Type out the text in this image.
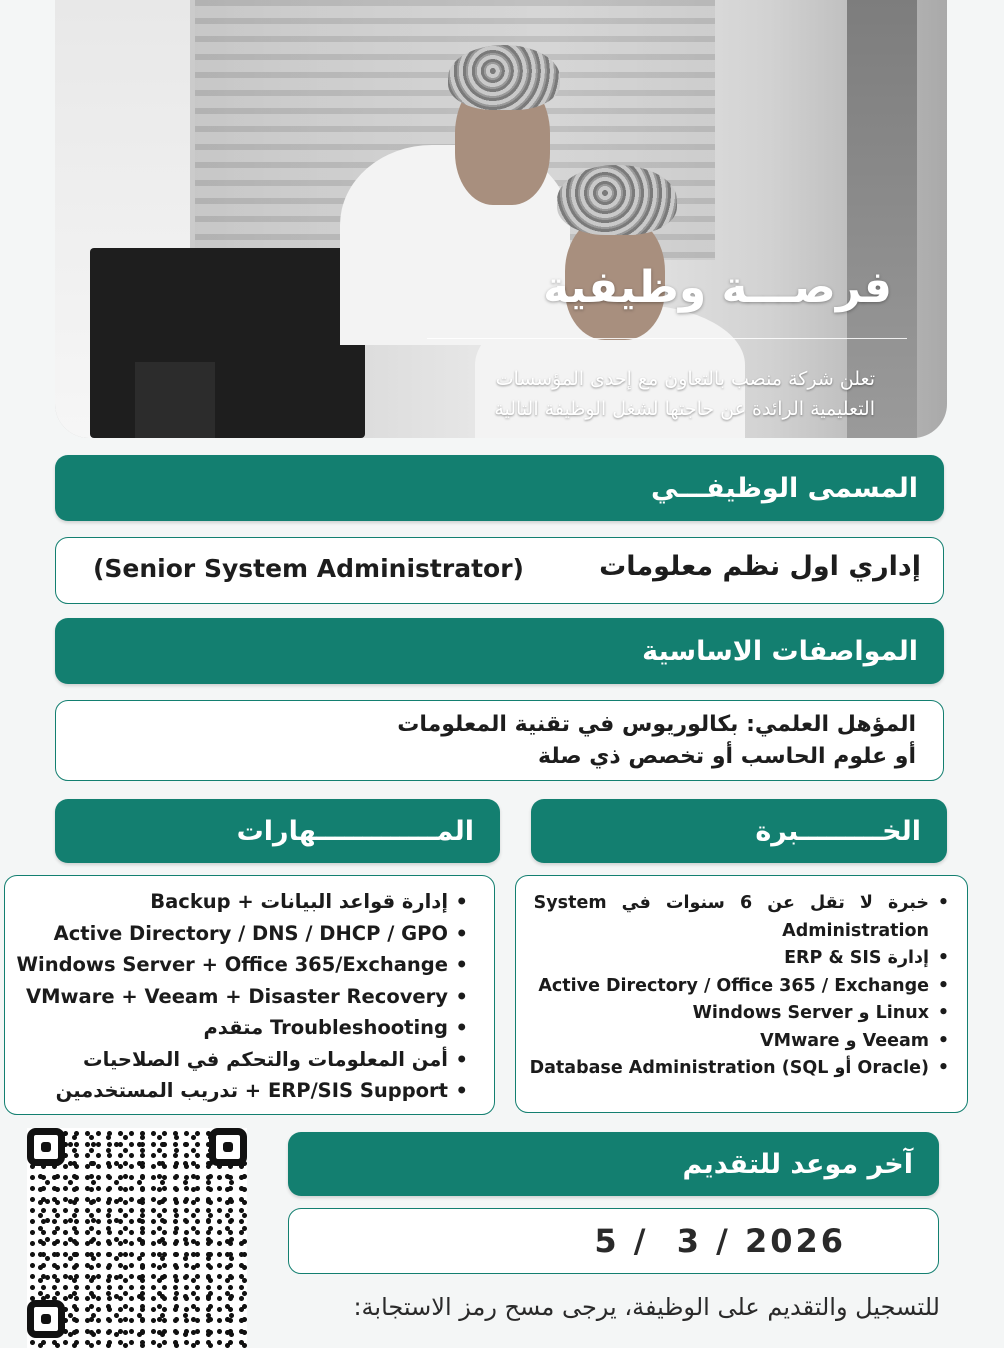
فرصـــة وظيفية
تعلن شركة منصب بالتعاون مع إحدى المؤسسات
التعليمية الرائدة عن حاجتها لشغل الوظيفة التالية
المسمى الوظيفـــي
إداري اول نظم معلومات
(Senior System Administrator)
المواصفات الاساسية
المؤهل العلمي: بكالوريوس في تقنية المعلومات
أو علوم الحاسب أو تخصص ذي صلة
المـــــــــــــهارات
إدارة قواعد البيانات + Backup •
Active Directory / DNS / DHCP / GPO •
Windows Server + Office 365/Exchange •
VMware + Veeam + Disaster Recovery •
Troubleshooting متقدم •
أمن المعلومات والتحكم في الصلاحيات •
ERP/SIS Support + تدريب المستخدمين •
الخـــــــــبرة
خبرة لا تقل عن 6 سنوات في System
Administration
•
إدارة ERP & SIS •
Active Directory / Office 365 / Exchange •
Windows Server و Linux •
VMware و Veeam •
Database Administration (SQL أو Oracle) •
آخر موعد للتقديم
5 /  3 / 2026
للتسجيل والتقديم على الوظيفة، يرجى مسح رمز الاستجابة:
